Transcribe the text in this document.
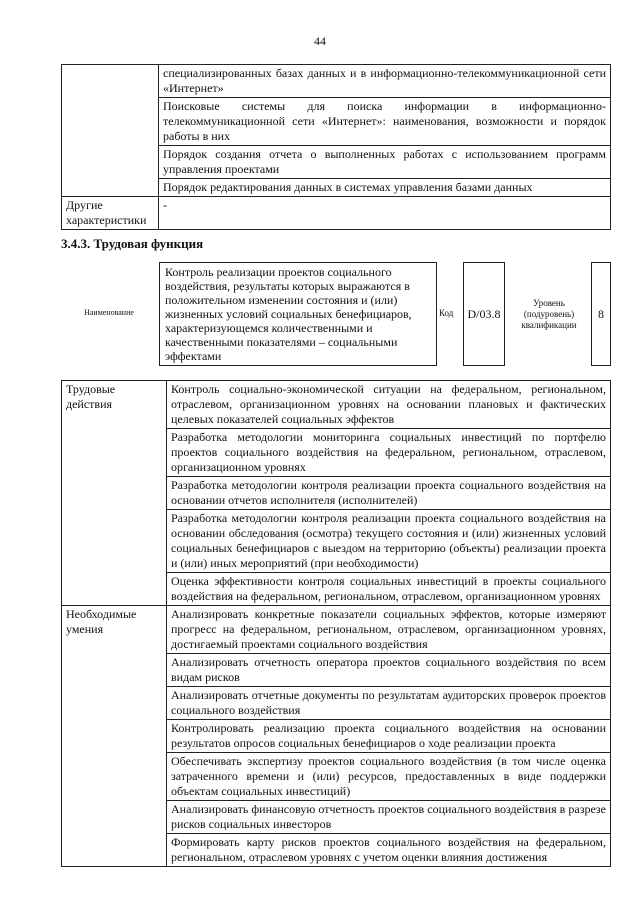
44
	специализированных базах данных и в информационно-телекоммуникационной сети «Интернет»
	Поисковые системы для поиска информации в информационно-телекоммуникационной сети «Интернет»: наименования, возможности и порядок работы в них
	Порядок создания отчета о выполненных работах с использованием программ управления проектами
	Порядок редактирования данных в системах управления базами данных
Другие характеристики	-
3.4.3. Трудовая функция
Наименование
Контроль реализации проектов социального воздействия, результаты которых выражаются в положительном изменении состояния и (или) жизненных условий социальных бенефициаров, характеризующемся количественными и качественными показателями – социальными эффектами
Код	D/03.8
Уровень (подуровень) квалификации
8
Трудовые действия	Контроль социально-экономической ситуации на федеральном, региональном, отраслевом, организационном уровнях на основании плановых и фактических целевых показателей социальных эффектов
	Разработка методологии мониторинга социальных инвестиций по портфелю проектов социального воздействия на федеральном, региональном, отраслевом, организационном уровнях
	Разработка методологии контроля реализации проекта социального воздействия на основании отчетов исполнителя (исполнителей)
	Разработка методологии контроля реализации проекта социального воздействия на основании обследования (осмотра) текущего состояния и (или) жизненных условий социальных бенефициаров с выездом на территорию (объекты) реализации проекта и (или) иных мероприятий (при необходимости)
	Оценка эффективности контроля социальных инвестиций в проекты социального воздействия на федеральном, региональном, отраслевом, организационном уровнях
Необходимые умения	Анализировать конкретные показатели социальных эффектов, которые измеряют прогресс на федеральном, региональном, отраслевом, организационном уровнях, достигаемый проектами социального воздействия
	Анализировать отчетность оператора проектов социального воздействия по всем видам рисков
	Анализировать отчетные документы по результатам аудиторских проверок проектов социального воздействия
	Контролировать реализацию проекта социального воздействия на основании результатов опросов социальных бенефициаров о ходе реализации проекта
	Обеспечивать экспертизу проектов социального воздействия (в том числе оценка затраченного времени и (или) ресурсов, предоставленных в виде поддержки объектам социальных инвестиций)
	Анализировать финансовую отчетность проектов социального воздействия в разрезе рисков социальных инвесторов
	Формировать карту рисков проектов социального воздействия на федеральном, региональном, отраслевом уровнях с учетом оценки влияния достижения
